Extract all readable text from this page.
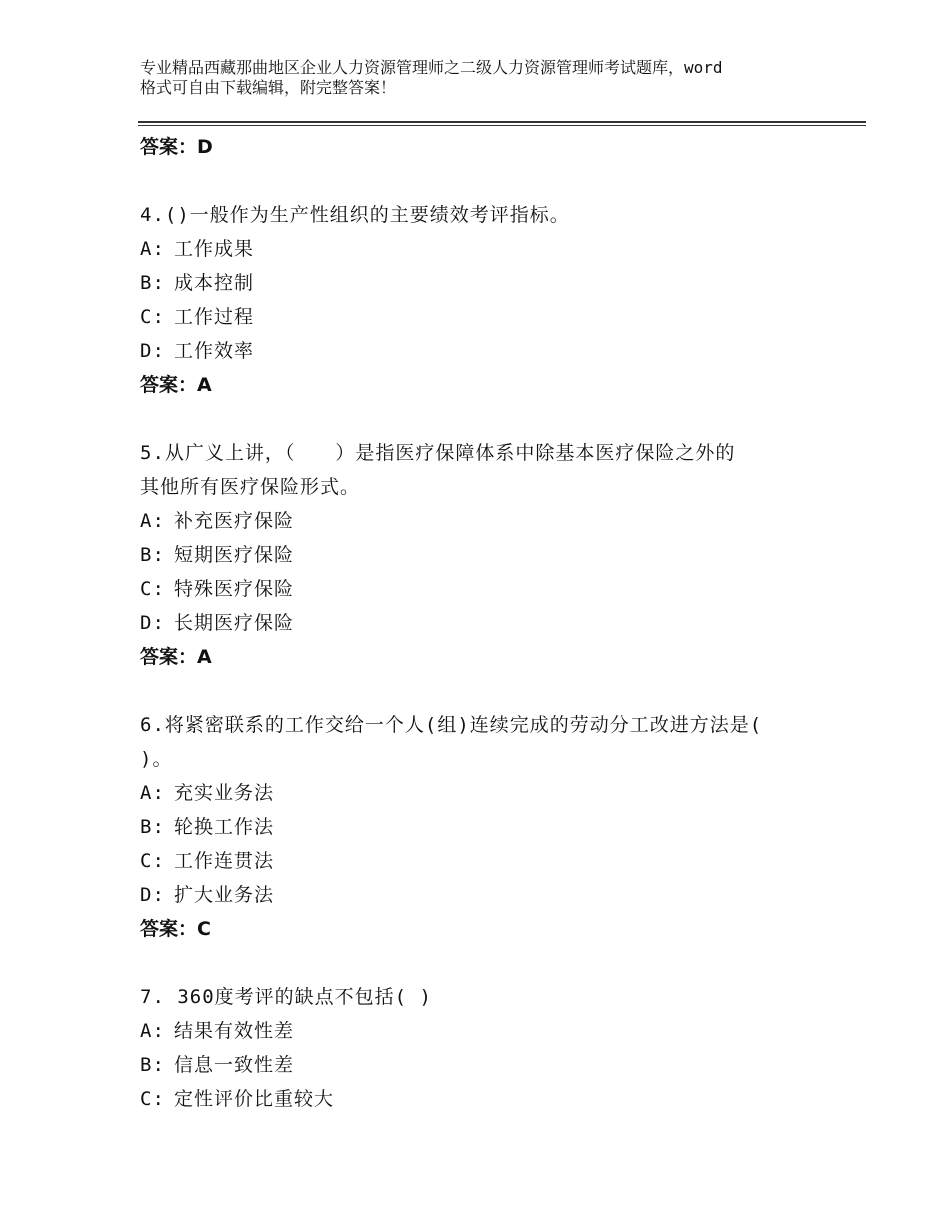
专业精品西藏那曲地区企业人力资源管理师之二级人力资源管理师考试题库，word
格式可自由下载编辑，附完整答案！
答案：D
4.()一般作为生产性组织的主要绩效考评指标。
A: 工作成果
B: 成本控制
C: 工作过程
D: 工作效率
答案：A
5.从广义上讲，（　　）是指医疗保障体系中除基本医疗保险之外的
其他所有医疗保险形式。
A: 补充医疗保险
B: 短期医疗保险
C: 特殊医疗保险
D: 长期医疗保险
答案：A
6.将紧密联系的工作交给一个人(组)连续完成的劳动分工改进方法是(
)。
A: 充实业务法
B: 轮换工作法
C: 工作连贯法
D: 扩大业务法
答案：C
7. 360度考评的缺点不包括( )
A: 结果有效性差
B: 信息一致性差
C: 定性评价比重较大
